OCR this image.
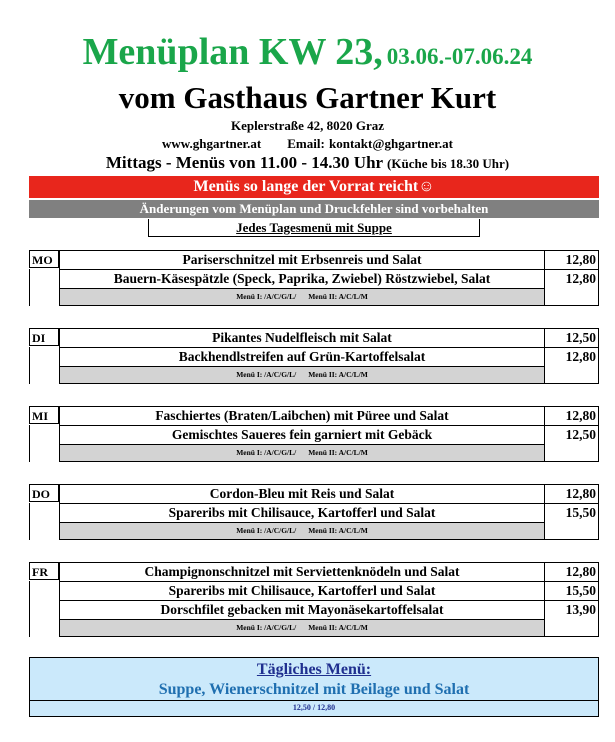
Menüplan KW 23, 03.06.-07.06.24
vom Gasthaus Gartner Kurt
Keplerstraße 42, 8020 Graz
www.ghgartner.at Email: kontakt@ghgartner.at
Mittags - Menüs von 11.00 - 14.30 Uhr (Küche bis 18.30 Uhr)
Menüs so lange der Vorrat reicht☺
Änderungen vom Menüplan und Druckfehler sind vorbehalten
Jedes Tagesmenü mit Suppe
MO	Pariserschnitzel mit Erbsenreis und Salat	12,80
Bauern-Käsespätzle (Speck, Paprika, Zwiebel) Röstzwiebel, Salat	12,80
Menü I: /A/C/G/L/ Menü II: A/C/L/M
DI	Pikantes Nudelfleisch mit Salat	12,50
Backhendlstreifen auf Grün-Kartoffelsalat	12,80
Menü I: /A/C/G/L/ Menü II: A/C/L/M
MI	Faschiertes (Braten/Laibchen) mit Püree und Salat	12,80
Gemischtes Saueres fein garniert mit Gebäck	12,50
Menü I: /A/C/G/L/ Menü II: A/C/L/M
DO	Cordon-Bleu mit Reis und Salat	12,80
Spareribs mit Chilisauce, Kartofferl und Salat	15,50
Menü I: /A/C/G/L/ Menü II: A/C/L/M
FR	Champignonschnitzel mit Serviettenknödeln und Salat	12,80
Spareribs mit Chilisauce, Kartofferl und Salat	15,50
Dorschfilet gebacken mit Mayonäsekartoffelsalat	13,90
Menü I: /A/C/G/L/ Menü II: A/C/L/M
Tägliches Menü:
Suppe, Wienerschnitzel mit Beilage und Salat
12,50 / 12,80
